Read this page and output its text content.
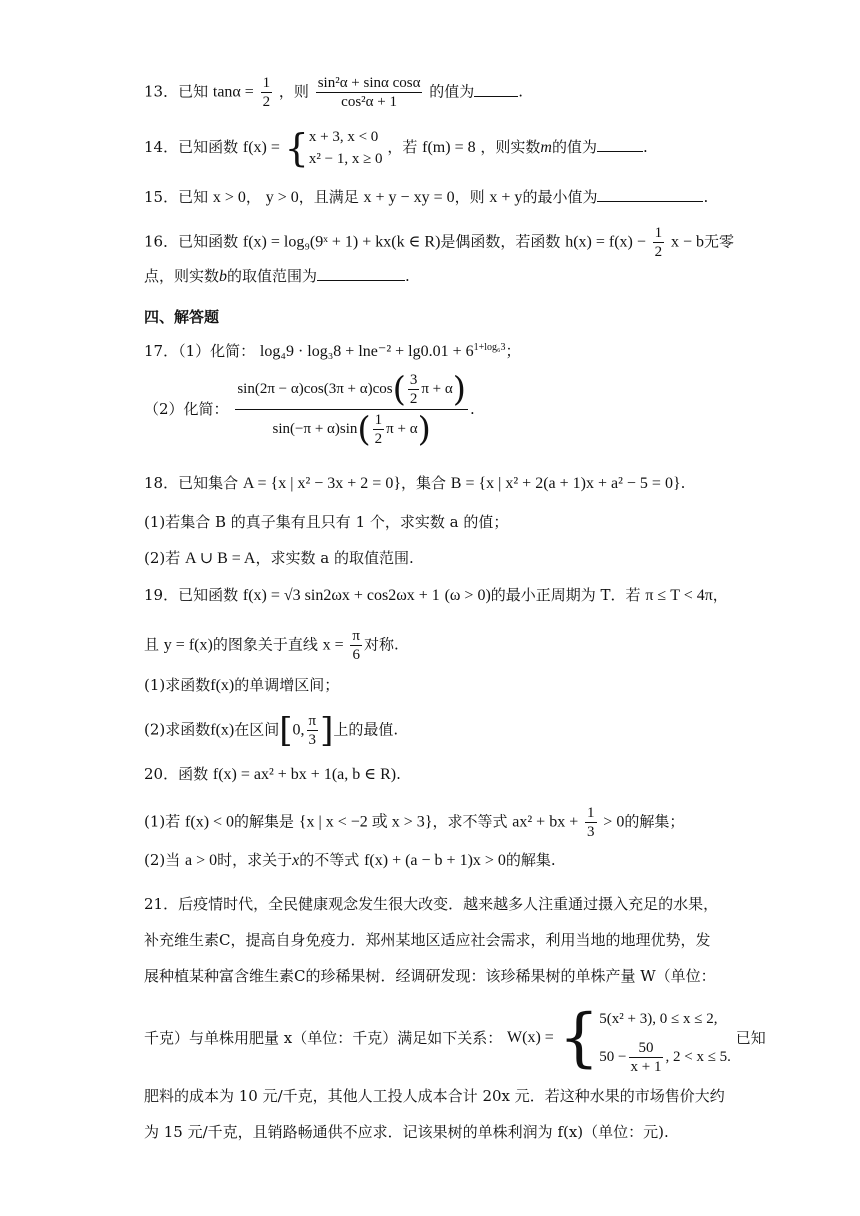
13．已知 $\tan\alpha = \frac{1}{2}$ ，则 $\frac{\text{sin²α + sinα cosα}}{\text{cos²α + 1}}$ 的值为	.
14．已知函数 f(x) = { x + 3, x < 0
x² − 1, x ≥ 0
，若 f(m) = 8 ，则实数m的值为	.
15．已知 x > 0， y > 0，且满足 x + y − xy = 0，则 x + y的最小值为	.
16．已知函数 f(x) = log₉(9ˣ + 1) + kx(k ∈ R)是偶函数，若函数 $h(x) = f(x) - \frac{1}{2}$ x − b无零
点，则实数b的取值范围为	.
四、解答题
17．（1）化简： $\log_49 \cdot \log_38 + \ln e^{-2} + \lg 0.01 + 6^{1+log_63}$；
（2）化简： $\frac{\sin(2\pi - \alpha)\cos(3\pi + \alpha)\cos( \frac{3}{2} \pi + \alpha)}{\sin(-\pi + \alpha)\sin( \frac{1}{2} \pi + \alpha)}$ .
18．已知集合 A = {x | x² − 3x + 2 = 0}，集合 B = {x | x² + 2(a + 1)x + a² − 5 = 0}.
(1)若集合 B 的真子集有且只有 1 个，求实数 a 的值；
(2)若 A ∪ B = A，求实数 a 的取值范围.
19．已知函数 f(x) = √3 sin2ωx + cos2ωx + 1 (ω > 0)的最小正周期为 T．若 π ≤ T < 4π，
且 y = f(x)的图象关于直线 $x = \frac{\pi}{6}$ 对称.
(1)求函数f(x)的单调增区间；
(2)求函数f(x)在区间[0, $\frac{\pi}{3}$ ]上的最值.
20．函数 f(x) = ax² + bx + 1(a, b ∈ R).
(1)若 f(x) < 0的解集是 {x | x < −2 或 x > 3}，求不等式 ax² + bx + $\frac{1}{3} > 0$的解集；
(2)当 a > 0时，求关于x的不等式 f(x) + (a − b + 1)x > 0的解集.
21．后疫情时代，全民健康观念发生很大改变．越来越多人注重通过摄入充足的水果，
补充维生素C，提高自身免疫力．郑州某地区适应社会需求，利用当地的地理优势，发
展种植某种富含维生素C的珍稀果树．经调研发现：该珍稀果树的单株产量 W（单位：
千克）与单株用肥量 x（单位：千克）满足如下关系： W(x) = { 5(x² + 3), 0 ≤ x ≤ 2,
$50 - \frac{50}{x + 1}$ , 2 < x ≤ 5.
已知
肥料的成本为 10 元/千克，其他人工投人成本合计 20x 元．若这种水果的市场售价大约
为 15 元/千克，且销路畅通供不应求．记该果树的单株利润为 f(x)（单位：元).
